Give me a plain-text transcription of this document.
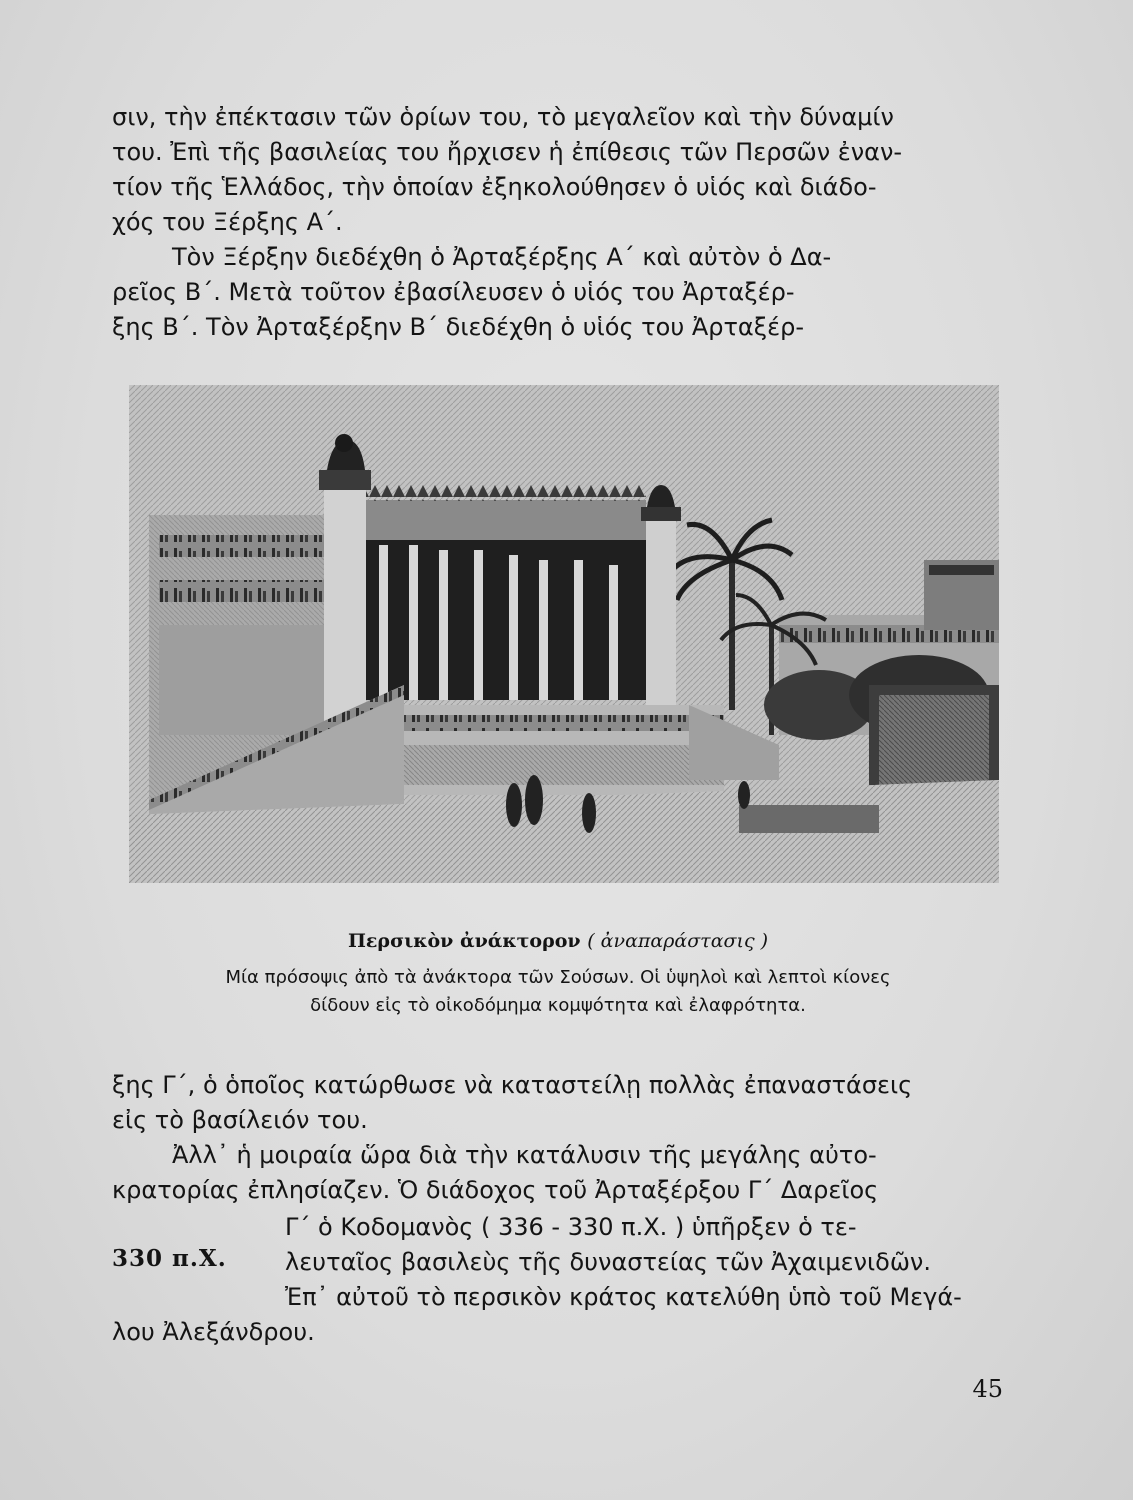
σιν, τὴν ἐπέκτασιν τῶν ὁρίων του, τὸ μεγαλεῖον καὶ τὴν δύναμίν

του. Ἐπὶ τῆς βασιλείας του ἤρχισεν ἡ ἐπίθεσις τῶν Περσῶν ἐναν-

τίον τῆς Ἑλλάδος, τὴν ὁποίαν ἐξηκολούθησεν ὁ υἱός καὶ διάδο-

χός του Ξέρξης Α΄.

Τὸν Ξέρξην διεδέχθη ὁ Ἀρταξέρξης Α΄ καὶ αὐτὸν ὁ Δα-

ρεῖος Β΄. Μετὰ τοῦτον ἐβασίλευσεν ὁ υἱός του Ἀρταξέρ-

ξης Β΄. Τὸν Ἀρταξέρξην Β΄ διεδέχθη ὁ υἱός του Ἀρταξέρ-

Περσικὸν ἀνάκτορον ( ἀναπαράστασις )

Μία πρόσοψις ἀπὸ τὰ ἀνάκτορα τῶν Σούσων. Οἱ ὑψηλοὶ καὶ λεπτοὶ κίονες
δίδουν εἰς τὸ οἰκοδόμημα κομψότητα καὶ ἐλαφρότητα.

ξης Γ΄, ὁ ὁποῖος κατώρθωσε νὰ καταστείλῃ πολλὰς ἐπαναστάσεις

εἰς τὸ βασίλειόν του.

Ἀλλ᾽ ἡ μοιραία ὥρα διὰ τὴν κατάλυσιν τῆς μεγάλης αὐτο-

κρατορίας ἐπλησίαζεν. Ὁ διάδοχος τοῦ Ἀρταξέρξου Γ΄ Δαρεῖος

330 π.Χ.

Γ΄ ὁ Κοδομανὸς ( 336 - 330 π.Χ. ) ὑπῆρξεν ὁ τε-

λευταῖος βασιλεὺς τῆς δυναστείας τῶν Ἀχαιμενιδῶν.

Ἐπ᾽ αὐτοῦ τὸ περσικὸν κράτος κατελύθη ὑπὸ τοῦ Μεγά-

λου Ἀλεξάνδρου.
45
